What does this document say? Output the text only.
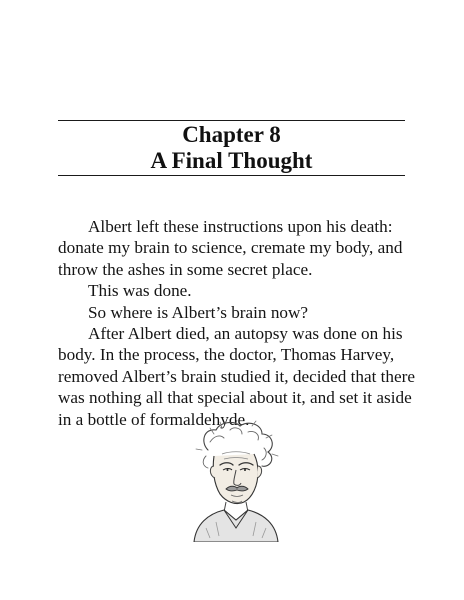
Chapter 8
A Final Thought

Albert left these instructions upon his death: donate my brain to science, cremate my body, and throw the ashes in some secret place.

This was done.

So where is Albert’s brain now?

After Albert died, an autopsy was done on his body. In the process, the doctor, Thomas Harvey, removed Albert’s brain studied it, decided that there was nothing all that special about it, and set it aside in a bottle of formaldehyde.
